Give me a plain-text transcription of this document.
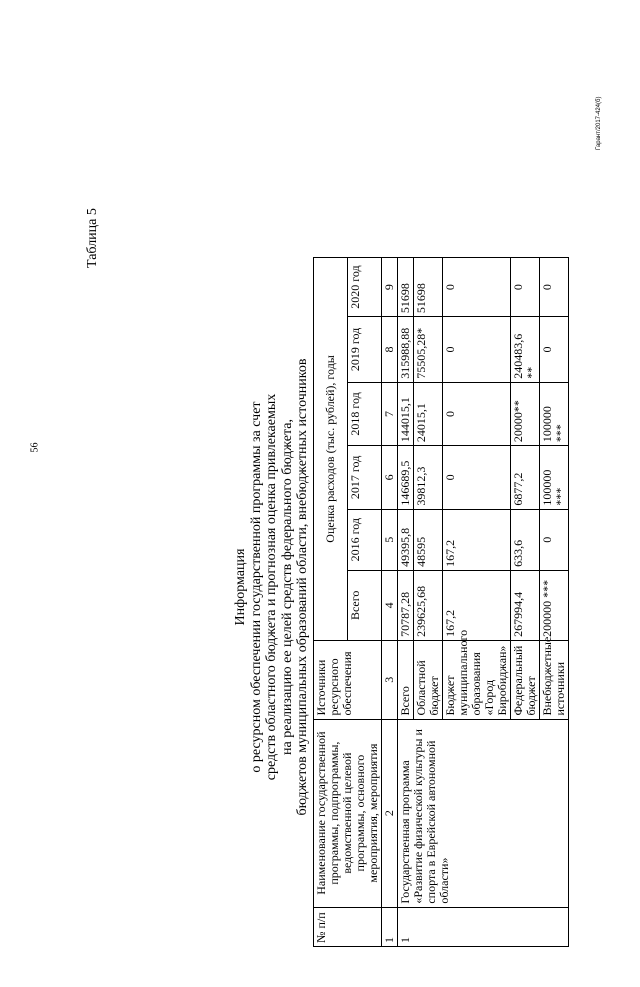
56
Таблица 5
Информация о ресурсном обеспечении государственной программы за счет средств областного бюджета и прогнозная оценка привлекаемых на реализацию ее целей средств федерального бюджета, бюджетов муниципальных образований области, внебюджетных источников
№ п/п	Наименование государственной программы, подпрограммы, ведомственной целевой программы, основного мероприятия, мероприятия	Источники ресурсного обеспечения	Оценка расходов (тыс. рублей), годы					
			Всего	2016 год	2017 год	2018 год	2019 год	2020 год
1	2	3	4	5	6	7	8	9
1	Государственная программа «Развитие физической культуры и спорта в Еврейской автономной области»	Всего	70787,28	49395,8	146689,5	144015,1	315988,88	51698
		Областной бюджет	239625,68	48595	39812,3	24015,1	75505,28*	51698
		Бюджет муниципального образования «Город Биробиджан»	167,2	167,2	0	0	0	0
		Федеральный бюджет	267994,4	633,6	6877,2	20000**	240483,6 **	0
		Внебюджетные источники	200000 ***	0	100000 ***	100000 ***	0	0
Гарант/2017-424(б)
